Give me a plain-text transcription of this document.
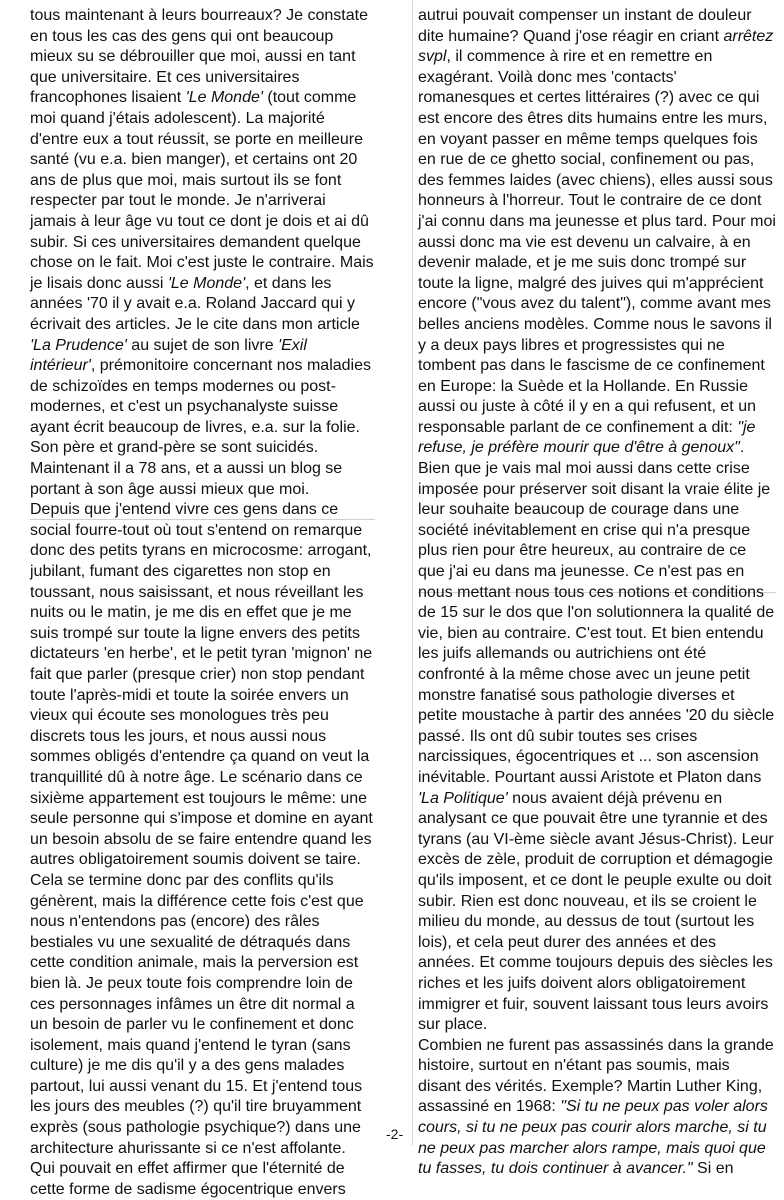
tous maintenant à leurs bourreaux? Je constate en tous les cas des gens qui ont beaucoup mieux su se débrouiller que moi, aussi en tant que universitaire. Et ces universitaires francophones lisaient 'Le Monde' (tout comme moi quand j'étais adolescent). La majorité d'entre eux a tout réussit, se porte en meilleure santé (vu e.a. bien manger), et certains ont 20 ans de plus que moi, mais surtout ils se font respecter par tout le monde. Je n'arriverai jamais à leur âge vu tout ce dont je dois et ai dû subir. Si ces universitaires demandent quelque chose on le fait. Moi c'est juste le contraire. Mais je lisais donc aussi 'Le Monde', et dans les années '70 il y avait e.a. Roland Jaccard qui y écrivait des articles. Je le cite dans mon article 'La Prudence' au sujet de son livre 'Exil intérieur', prémonitoire concernant nos maladies de schizoïdes en temps modernes ou post-modernes, et c'est un psychanalyste suisse ayant écrit beaucoup de livres, e.a. sur la folie. Son père et grand-père se sont suicidés. Maintenant il a 78 ans, et a aussi un blog se portant à son âge aussi mieux que moi.
Depuis que j'entend vivre ces gens dans ce social fourre-tout où tout s'entend on remarque donc des petits tyrans en microcosme: arrogant, jubilant, fumant des cigarettes non stop en toussant, nous saisissant, et nous réveillant les nuits ou le matin, je me dis en effet que je me suis trompé sur toute la ligne envers des petits dictateurs 'en herbe', et le petit tyran 'mignon' ne fait que parler (presque crier) non stop pendant toute l'après-midi et toute la soirée envers un vieux qui écoute ses monologues très peu discrets tous les jours, et nous aussi nous sommes obligés d'entendre ça quand on veut la tranquillité dû à notre âge. Le scénario dans ce sixième appartement est toujours le même: une seule personne qui s'impose et domine en ayant un besoin absolu de se faire entendre quand les autres obligatoirement soumis doivent se taire. Cela se termine donc par des conflits qu'ils génèrent, mais la différence cette fois c'est que nous n'entendons pas (encore) des râles bestiales vu une sexualité de détraqués dans cette condition animale, mais la perversion est bien là. Je peux toute fois comprendre loin de ces personnages infâmes un être dit normal a un besoin de parler vu le confinement et donc isolement, mais quand j'entend le tyran (sans culture) je me dis qu'il y a des gens malades partout, lui aussi venant du 15. Et j'entend tous les jours des meubles (?) qu'il tire bruyamment exprès (sous pathologie psychique?) dans une architecture ahurissante si ce n'est affolante. Qui pouvait en effet affirmer que l'éternité de cette forme de sadisme égocentrique envers
autrui pouvait compenser un instant de douleur dite humaine? Quand j'ose réagir en criant arrêtez svpl, il commence à rire et en remettre en exagérant. Voilà donc mes 'contacts' romanesques et certes littéraires (?) avec ce qui est encore des êtres dits humains entre les murs, en voyant passer en même temps quelques fois en rue de ce ghetto social, confinement ou pas, des femmes laides (avec chiens), elles aussi sous honneurs à l'horreur. Tout le contraire de ce dont j'ai connu dans ma jeunesse et plus tard. Pour moi aussi donc ma vie est devenu un calvaire, à en devenir malade, et je me suis donc trompé sur toute la ligne, malgré des juives qui m'apprécient encore ("vous avez du talent"), comme avant mes belles anciens modèles. Comme nous le savons il y a deux pays libres et progressistes qui ne tombent pas dans le fascisme de ce confinement en Europe: la Suède et la Hollande. En Russie aussi ou juste à côté il y en a qui refusent, et un responsable parlant de ce confinement a dit: "je refuse, je préfère mourir que d'être à genoux". Bien que je vais mal moi aussi dans cette crise imposée pour préserver soit disant la vraie élite je leur souhaite beaucoup de courage dans une société inévitablement en crise qui n'a presque plus rien pour être heureux, au contraire de ce que j'ai eu dans ma jeunesse. Ce n'est pas en nous mettant nous tous ces notions et conditions de 15 sur le dos que l'on solutionnera la qualité de vie, bien au contraire. C'est tout. Et bien entendu les juifs allemands ou autrichiens ont été confronté à la même chose avec un jeune petit monstre fanatisé sous pathologie diverses et petite moustache à partir des années '20 du siècle passé. Ils ont dû subir toutes ses crises narcissiques, égocentriques et ... son ascension inévitable. Pourtant aussi Aristote et Platon dans 'La Politique' nous avaient déjà prévenu en analysant ce que pouvait être une tyrannie et des tyrans (au VI-ème siècle avant Jésus-Christ). Leur excès de zèle, produit de corruption et démagogie qu'ils imposent, et ce dont le peuple exulte ou doit subir. Rien est donc nouveau, et ils se croient le milieu du monde, au dessus de tout (surtout les lois), et cela peut durer des années et des années. Et comme toujours depuis des siècles les riches et les juifs doivent alors obligatoirement immigrer et fuir, souvent laissant tous leurs avoirs sur place.
Combien ne furent pas assassinés dans la grande histoire, surtout en n'étant pas soumis, mais disant des vérités. Exemple? Martin Luther King, assassiné en 1968: "Si tu ne peux pas voler alors cours, si tu ne peux pas courir alors marche, si tu ne peux pas marcher alors rampe, mais quoi que tu fasses, tu dois continuer à avancer." Si en
-2-
